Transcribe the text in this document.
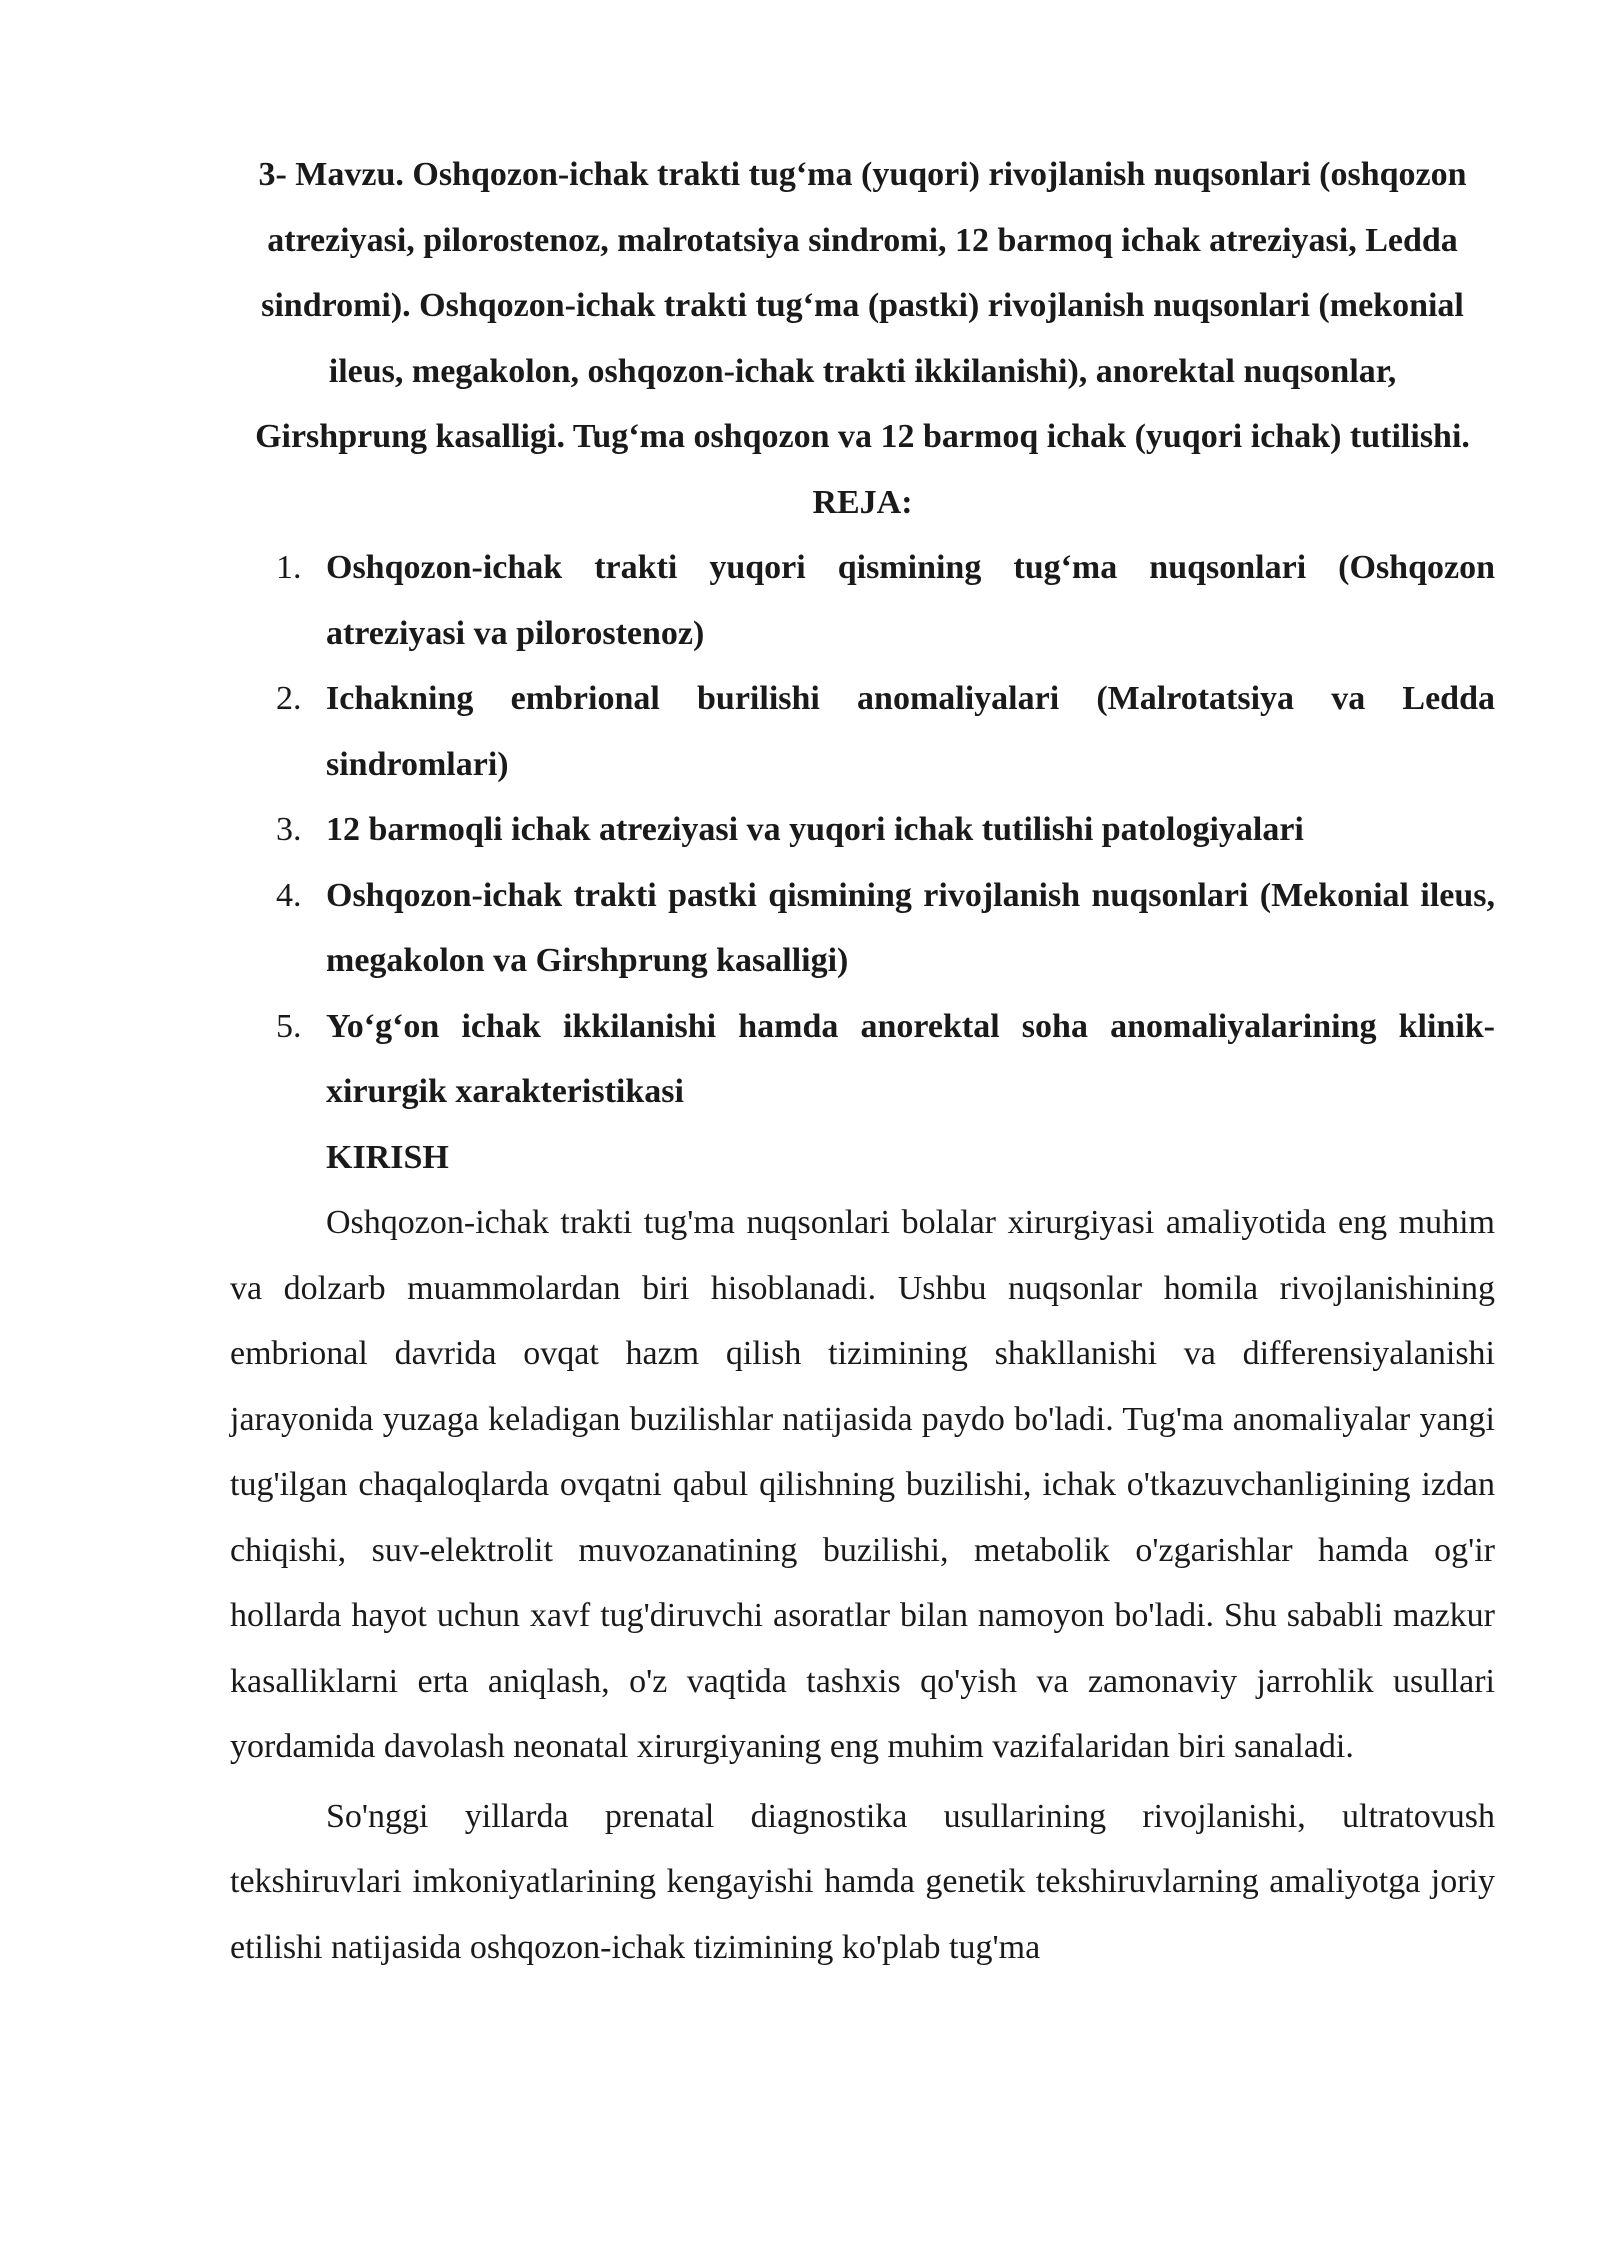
3- Mavzu. Oshqozon-ichak trakti tug‘ma (yuqori) rivojlanish nuqsonlari (oshqozon atreziyasi, pilorostenoz, malrotatsiya sindromi, 12 barmoq ichak atreziyasi, Ledda sindromi). Oshqozon-ichak trakti tug‘ma (pastki) rivojlanish nuqsonlari (mekonial ileus, megakolon, oshqozon-ichak trakti ikkilanishi), anorektal nuqsonlar, Girshprung kasalligi. Tug‘ma oshqozon va 12 barmoq ichak (yuqori ichak) tutilishi.
REJA:
1. Oshqozon-ichak trakti yuqori qismining tug‘ma nuqsonlari (Oshqozon atreziyasi va pilorostenoz)
2. Ichakning embrional burilishi anomaliyalari (Malrotatsiya va Ledda sindromlari)
3. 12 barmoqli ichak atreziyasi va yuqori ichak tutilishi patologiyalari
4. Oshqozon-ichak trakti pastki qismining rivojlanish nuqsonlari (Mekonial ileus, megakolon va Girshprung kasalligi)
5. Yo‘g‘on ichak ikkilanishi hamda anorektal soha anomaliyalarining klinik-xirurgik xarakteristikasi
KIRISH

Oshqozon-ichak trakti tug'ma nuqsonlari bolalar xirurgiyasi amaliyotida eng muhim va dolzarb muammolardan biri hisoblanadi. Ushbu nuqsonlar homila rivojlanishining embrional davrida ovqat hazm qilish tizimining shakllanishi va differensiyalanishi jarayonida yuzaga keladigan buzilishlar natijasida paydo bo'ladi. Tug'ma anomaliyalar yangi tug'ilgan chaqaloqlarda ovqatni qabul qilishning buzilishi, ichak o'tkazuvchanligining izdan chiqishi, suv-elektrolit muvozanatining buzilishi, metabolik o'zgarishlar hamda og'ir hollarda hayot uchun xavf tug'diruvchi asoratlar bilan namoyon bo'ladi. Shu sababli mazkur kasalliklarni erta aniqlash, o'z vaqtida tashxis qo'yish va zamonaviy jarrohlik usullari yordamida davolash neonatal xirurgiyaning eng muhim vazifalaridan biri sanaladi.

So'nggi yillarda prenatal diagnostika usullarining rivojlanishi, ultratovush tekshiruvlari imkoniyatlarining kengayishi hamda genetik tekshiruvlarning amaliyotga joriy etilishi natijasida oshqozon-ichak tizimining ko'plab tug'ma
